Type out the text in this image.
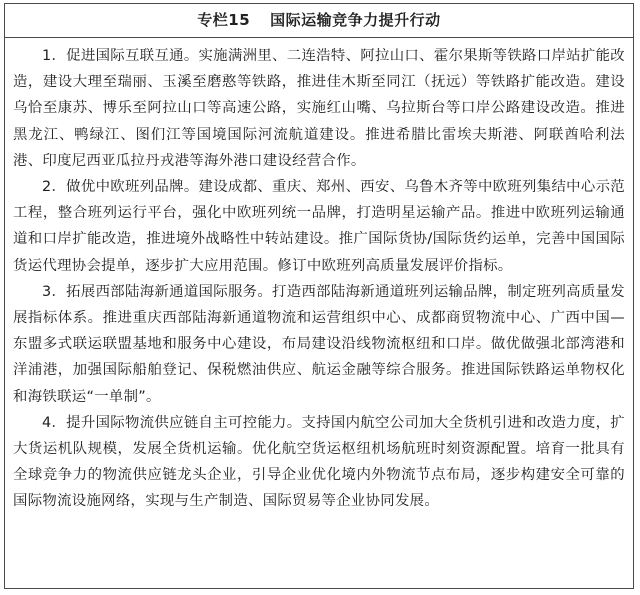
专栏15 国际运输竞争力提升行动

1．促进国际互联互通。实施满洲里、二连浩特、阿拉山口、霍尔果斯等铁路口岸站扩能改造，建设大理至瑞丽、玉溪至磨憨等铁路，推进佳木斯至同江（抚远）等铁路扩能改造。建设乌恰至康苏、博乐至阿拉山口等高速公路，实施红山嘴、乌拉斯台等口岸公路建设改造。推进黑龙江、鸭绿江、图们江等国境国际河流航道建设。推进希腊比雷埃夫斯港、阿联酋哈利法港、印度尼西亚瓜拉丹戎港等海外港口建设经营合作。

2．做优中欧班列品牌。建设成都、重庆、郑州、西安、乌鲁木齐等中欧班列集结中心示范工程，整合班列运行平台，强化中欧班列统一品牌，打造明星运输产品。推进中欧班列运输通道和口岸扩能改造，推进境外战略性中转站建设。推广国际货协/国际货约运单，完善中国国际货运代理协会提单，逐步扩大应用范围。修订中欧班列高质量发展评价指标。

3．拓展西部陆海新通道国际服务。打造西部陆海新通道班列运输品牌，制定班列高质量发展指标体系。推进重庆西部陆海新通道物流和运营组织中心、成都商贸物流中心、广西中国—东盟多式联运联盟基地和服务中心建设，布局建设沿线物流枢纽和口岸。做优做强北部湾港和洋浦港，加强国际船舶登记、保税燃油供应、航运金融等综合服务。推进国际铁路运单物权化和海铁联运“一单制”。

4．提升国际物流供应链自主可控能力。支持国内航空公司加大全货机引进和改造力度，扩大货运机队规模，发展全货机运输。优化航空货运枢纽机场航班时刻资源配置。培育一批具有全球竞争力的物流供应链龙头企业，引导企业优化境内外物流节点布局，逐步构建安全可靠的国际物流设施网络，实现与生产制造、国际贸易等企业协同发展。
